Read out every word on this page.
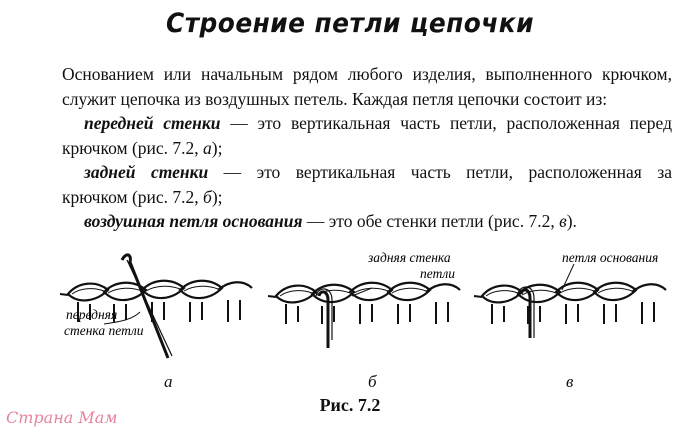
Строение петли цепочки
Основанием или начальным рядом любого изделия, выполненного крючком,
служит цепочка из воздушных петель. Каждая петля цепочки состоит из:
передней стенки — это вертикальная часть петли, расположенная перед
крючком (рис. 7.2, а);
задней стенки — это вертикальная часть петли, расположенная за
крючком (рис. 7.2, б);
воздушная петля основания — это обе стенки петли (рис. 7.2, в).
передняя
стенка петли
задняя стенка
петли
петля основания
а	б	в
Рис. 7.2
Страна Мам
